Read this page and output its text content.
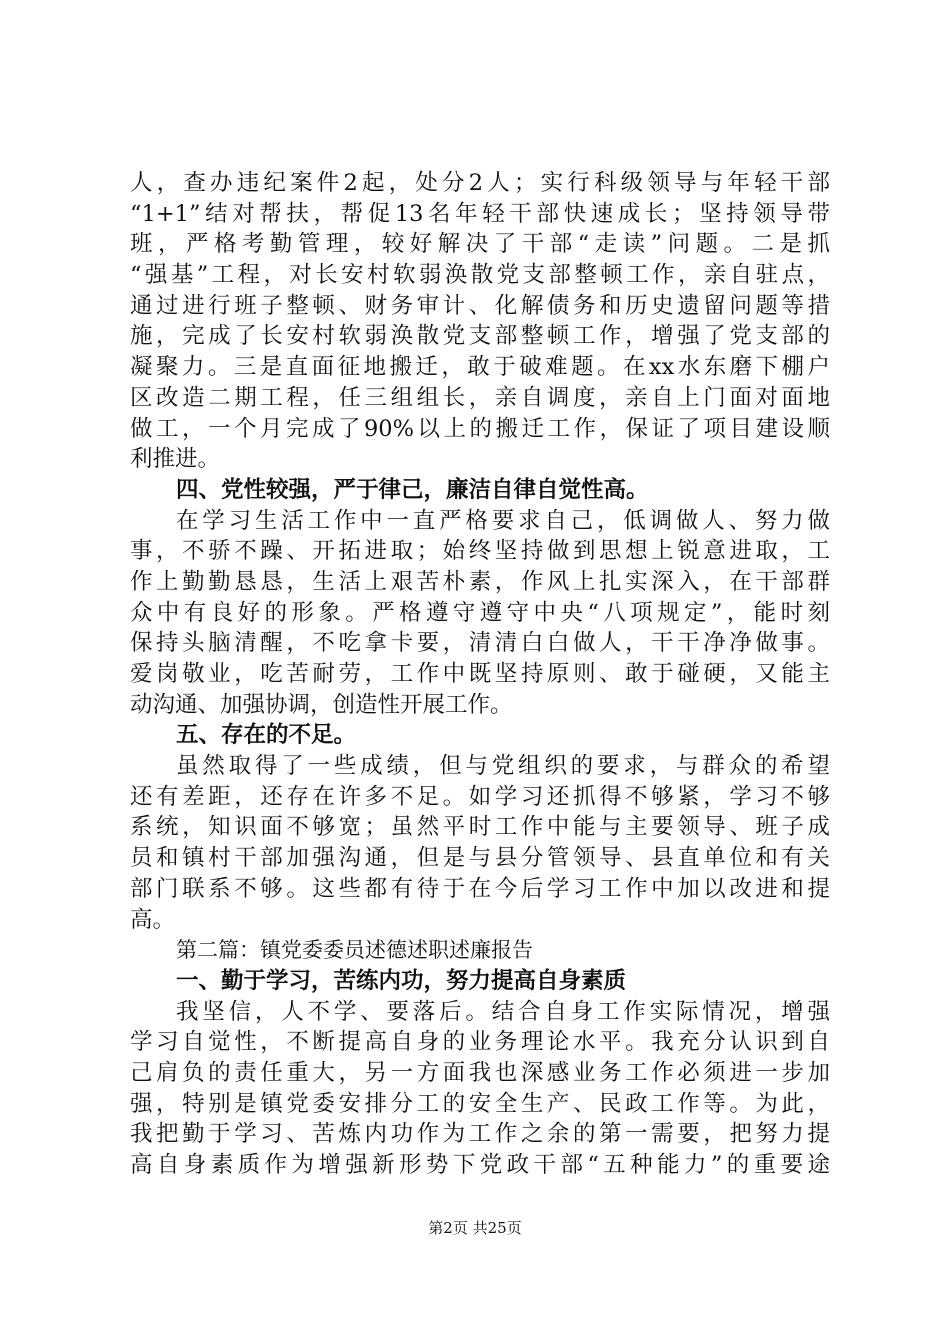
人，查办违纪案件2起，处分2人；实行科级领导与年轻干部
“1+1”结对帮扶，帮促13名年轻干部快速成长；坚持领导带
班，严格考勤管理，较好解决了干部“走读”问题。二是抓
“强基”工程，对长安村软弱涣散党支部整顿工作，亲自驻点，
通过进行班子整顿、财务审计、化解债务和历史遗留问题等措
施，完成了长安村软弱涣散党支部整顿工作，增强了党支部的
凝聚力。三是直面征地搬迁，敢于破难题。在xx水东磨下棚户
区改造二期工程，任三组组长，亲自调度，亲自上门面对面地
做工，一个月完成了90%以上的搬迁工作，保证了项目建设顺
利推进。
四、党性较强，严于律己，廉洁自律自觉性高。
在学习生活工作中一直严格要求自己，低调做人、努力做
事，不骄不躁、开拓进取；始终坚持做到思想上锐意进取，工
作上勤勤恳恳，生活上艰苦朴素，作风上扎实深入，在干部群
众中有良好的形象。严格遵守遵守中央“八项规定”，能时刻
保持头脑清醒，不吃拿卡要，清清白白做人，干干净净做事。
爱岗敬业，吃苦耐劳，工作中既坚持原则、敢于碰硬，又能主
动沟通、加强协调，创造性开展工作。
五、存在的不足。
虽然取得了一些成绩，但与党组织的要求，与群众的希望
还有差距，还存在许多不足。如学习还抓得不够紧，学习不够
系统，知识面不够宽；虽然平时工作中能与主要领导、班子成
员和镇村干部加强沟通，但是与县分管领导、县直单位和有关
部门联系不够。这些都有待于在今后学习工作中加以改进和提
高。
第二篇：镇党委委员述德述职述廉报告
一、勤于学习，苦练内功，努力提高自身素质
我坚信，人不学、要落后。结合自身工作实际情况，增强
学习自觉性，不断提高自身的业务理论水平。我充分认识到自
己肩负的责任重大，另一方面我也深感业务工作必须进一步加
强，特别是镇党委安排分工的安全生产、民政工作等。为此，
我把勤于学习、苦炼内功作为工作之余的第一需要，把努力提
高自身素质作为增强新形势下党政干部“五种能力”的重要途
第2页 共25页
